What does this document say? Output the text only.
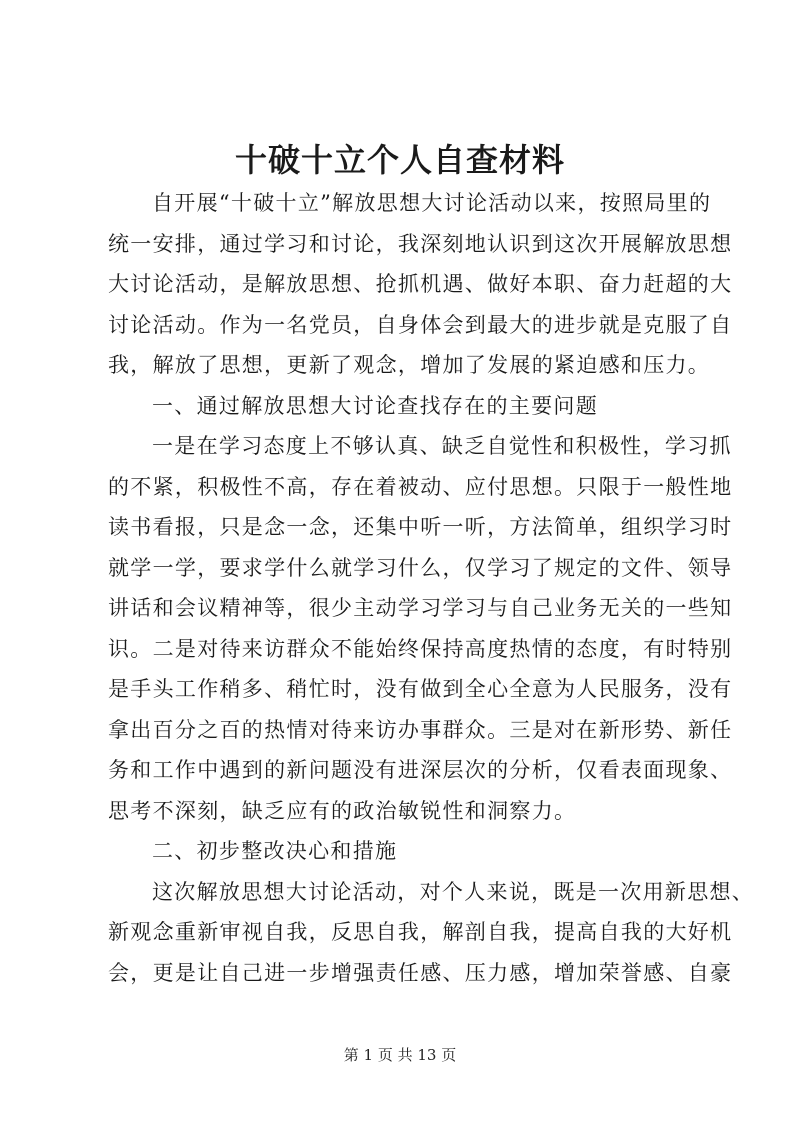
十破十立个人自查材料
自开展“十破十立”解放思想大讨论活动以来，按照局里的
统一安排，通过学习和讨论，我深刻地认识到这次开展解放思想
大讨论活动，是解放思想、抢抓机遇、做好本职、奋力赶超的大
讨论活动。作为一名党员，自身体会到最大的进步就是克服了自
我，解放了思想，更新了观念，增加了发展的紧迫感和压力。
一、通过解放思想大讨论查找存在的主要问题
一是在学习态度上不够认真、缺乏自觉性和积极性，学习抓
的不紧，积极性不高，存在着被动、应付思想。只限于一般性地
读书看报，只是念一念，还集中听一听，方法简单，组织学习时
就学一学，要求学什么就学习什么，仅学习了规定的文件、领导
讲话和会议精神等，很少主动学习学习与自己业务无关的一些知
识。二是对待来访群众不能始终保持高度热情的态度，有时特别
是手头工作稍多、稍忙时，没有做到全心全意为人民服务，没有
拿出百分之百的热情对待来访办事群众。三是对在新形势、新任
务和工作中遇到的新问题没有进深层次的分析，仅看表面现象、
思考不深刻，缺乏应有的政治敏锐性和洞察力。
二、初步整改决心和措施
这次解放思想大讨论活动，对个人来说，既是一次用新思想、
新观念重新审视自我，反思自我，解剖自我，提高自我的大好机
会，更是让自己进一步增强责任感、压力感，增加荣誉感、自豪
第 1 页 共 13 页
